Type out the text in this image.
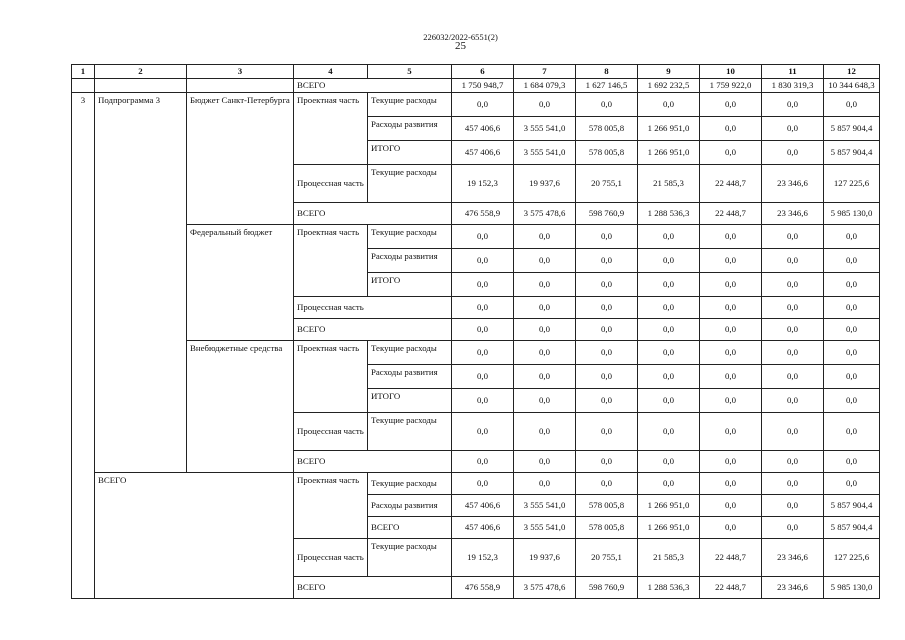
226032/2022-6551(2)
25
1	2	3	4	5	6	7	8	9	10	11	12
			ВСЕГО		1 750 948,7	1 684 079,3	1 627 146,5	1 692 232,5	1 759 922,0	1 830 319,3	10 344 648,3
3	Подпрограмма 3	Бюджет Санкт-Петербурга	Проектная часть	Текущие расходы	0,0	0,0	0,0	0,0	0,0	0,0	0,0
				Расходы развития	457 406,6	3 555 541,0	578 005,8	1 266 951,0	0,0	0,0	5 857 904,4
				ИТОГО	457 406,6	3 555 541,0	578 005,8	1 266 951,0	0,0	0,0	5 857 904,4
			Процессная часть	Текущие расходы	19 152,3	19 937,6	20 755,1	21 585,3	22 448,7	23 346,6	127 225,6
			ВСЕГО		476 558,9	3 575 478,6	598 760,9	1 288 536,3	22 448,7	23 346,6	5 985 130,0
		Федеральный бюджет	Проектная часть	Текущие расходы	0,0	0,0	0,0	0,0	0,0	0,0	0,0
				Расходы развития	0,0	0,0	0,0	0,0	0,0	0,0	0,0
				ИТОГО	0,0	0,0	0,0	0,0	0,0	0,0	0,0
			Процессная часть		0,0	0,0	0,0	0,0	0,0	0,0	0,0
			ВСЕГО		0,0	0,0	0,0	0,0	0,0	0,0	0,0
		Внебюджетные средства	Проектная часть	Текущие расходы	0,0	0,0	0,0	0,0	0,0	0,0	0,0
				Расходы развития	0,0	0,0	0,0	0,0	0,0	0,0	0,0
				ИТОГО	0,0	0,0	0,0	0,0	0,0	0,0	0,0
			Процессная часть	Текущие расходы	0,0	0,0	0,0	0,0	0,0	0,0	0,0
			ВСЕГО		0,0	0,0	0,0	0,0	0,0	0,0	0,0
	ВСЕГО		Проектная часть	Текущие расходы	0,0	0,0	0,0	0,0	0,0	0,0	0,0
				Расходы развития	457 406,6	3 555 541,0	578 005,8	1 266 951,0	0,0	0,0	5 857 904,4
				ВСЕГО	457 406,6	3 555 541,0	578 005,8	1 266 951,0	0,0	0,0	5 857 904,4
			Процессная часть	Текущие расходы	19 152,3	19 937,6	20 755,1	21 585,3	22 448,7	23 346,6	127 225,6
			ВСЕГО		476 558,9	3 575 478,6	598 760,9	1 288 536,3	22 448,7	23 346,6	5 985 130,0
